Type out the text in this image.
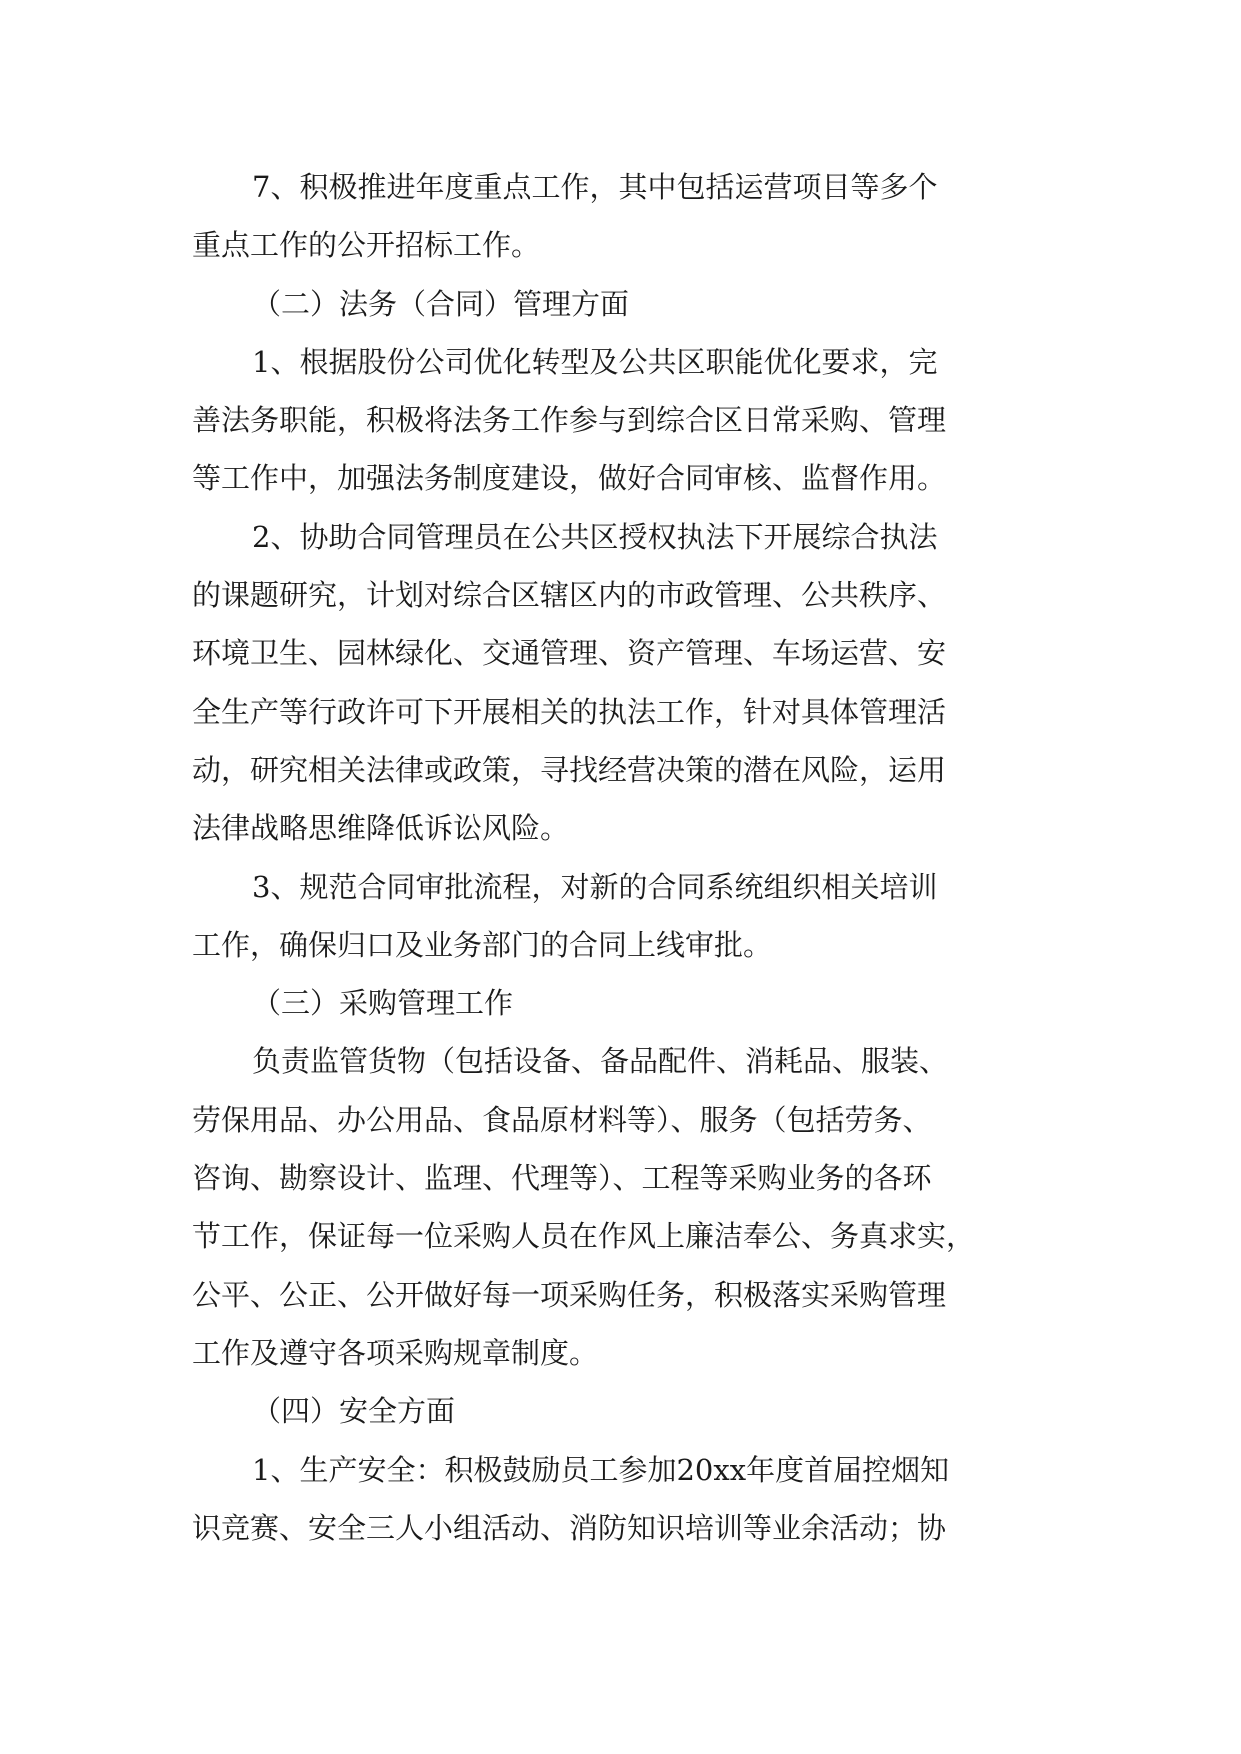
7、积极推进年度重点工作，其中包括运营项目等多个
重点工作的公开招标工作。
（二）法务（合同）管理方面
1、根据股份公司优化转型及公共区职能优化要求，完
善法务职能，积极将法务工作参与到综合区日常采购、管理
等工作中，加强法务制度建设，做好合同审核、监督作用。
2、协助合同管理员在公共区授权执法下开展综合执法
的课题研究，计划对综合区辖区内的市政管理、公共秩序、
环境卫生、园林绿化、交通管理、资产管理、车场运营、安
全生产等行政许可下开展相关的执法工作，针对具体管理活
动，研究相关法律或政策，寻找经营决策的潜在风险，运用
法律战略思维降低诉讼风险。
3、规范合同审批流程，对新的合同系统组织相关培训
工作，确保归口及业务部门的合同上线审批。
（三）采购管理工作
负责监管货物（包括设备、备品配件、消耗品、服装、
劳保用品、办公用品、食品原材料等）、服务（包括劳务、
咨询、勘察设计、监理、代理等）、工程等采购业务的各环
节工作，保证每一位采购人员在作风上廉洁奉公、务真求实，
公平、公正、公开做好每一项采购任务，积极落实采购管理
工作及遵守各项采购规章制度。
（四）安全方面
1、生产安全：积极鼓励员工参加20xx年度首届控烟知
识竞赛、安全三人小组活动、消防知识培训等业余活动；协
